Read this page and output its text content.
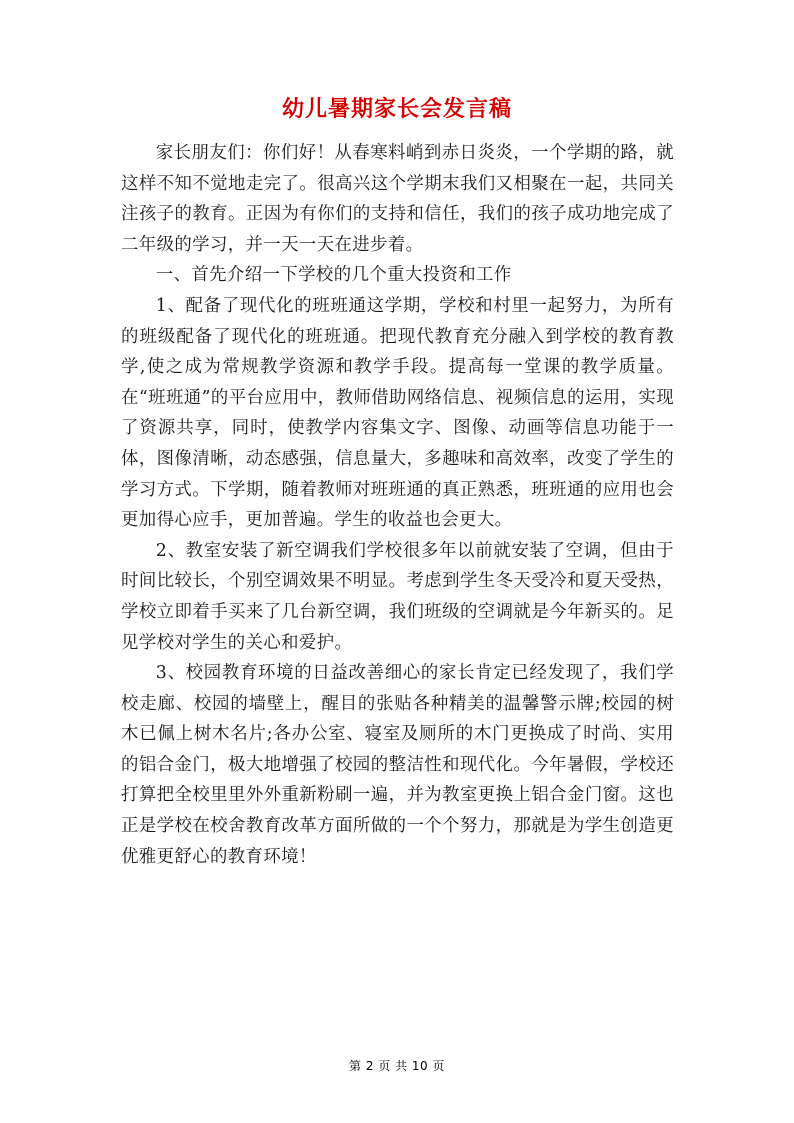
幼儿暑期家长会发言稿

家长朋友们：你们好！从春寒料峭到赤日炎炎，一个学期的路，就这样不知不觉地走完了。很高兴这个学期末我们又相聚在一起，共同关注孩子的教育。正因为有你们的支持和信任，我们的孩子成功地完成了二年级的学习，并一天一天在进步着。

一、首先介绍一下学校的几个重大投资和工作

1、配备了现代化的班班通这学期，学校和村里一起努力，为所有的班级配备了现代化的班班通。把现代教育充分融入到学校的教育教学,使之成为常规教学资源和教学手段。提高每一堂课的教学质量。在“班班通”的平台应用中，教师借助网络信息、视频信息的运用，实现了资源共享，同时，使教学内容集文字、图像、动画等信息功能于一体，图像清晰，动态感强，信息量大，多趣味和高效率，改变了学生的学习方式。下学期，随着教师对班班通的真正熟悉，班班通的应用也会更加得心应手，更加普遍。学生的收益也会更大。

2、教室安装了新空调我们学校很多年以前就安装了空调，但由于时间比较长，个别空调效果不明显。考虑到学生冬天受冷和夏天受热，学校立即着手买来了几台新空调，我们班级的空调就是今年新买的。足见学校对学生的关心和爱护。

3、校园教育环境的日益改善细心的家长肯定已经发现了，我们学校走廊、校园的墙壁上，醒目的张贴各种精美的温馨警示牌;校园的树木已佩上树木名片;各办公室、寝室及厕所的木门更换成了时尚、实用的铝合金门，极大地增强了校园的整洁性和现代化。今年暑假，学校还打算把全校里里外外重新粉刷一遍，并为教室更换上铝合金门窗。这也正是学校在校舍教育改革方面所做的一个个努力，那就是为学生创造更优雅更舒心的教育环境！

第 2 页 共 10 页
